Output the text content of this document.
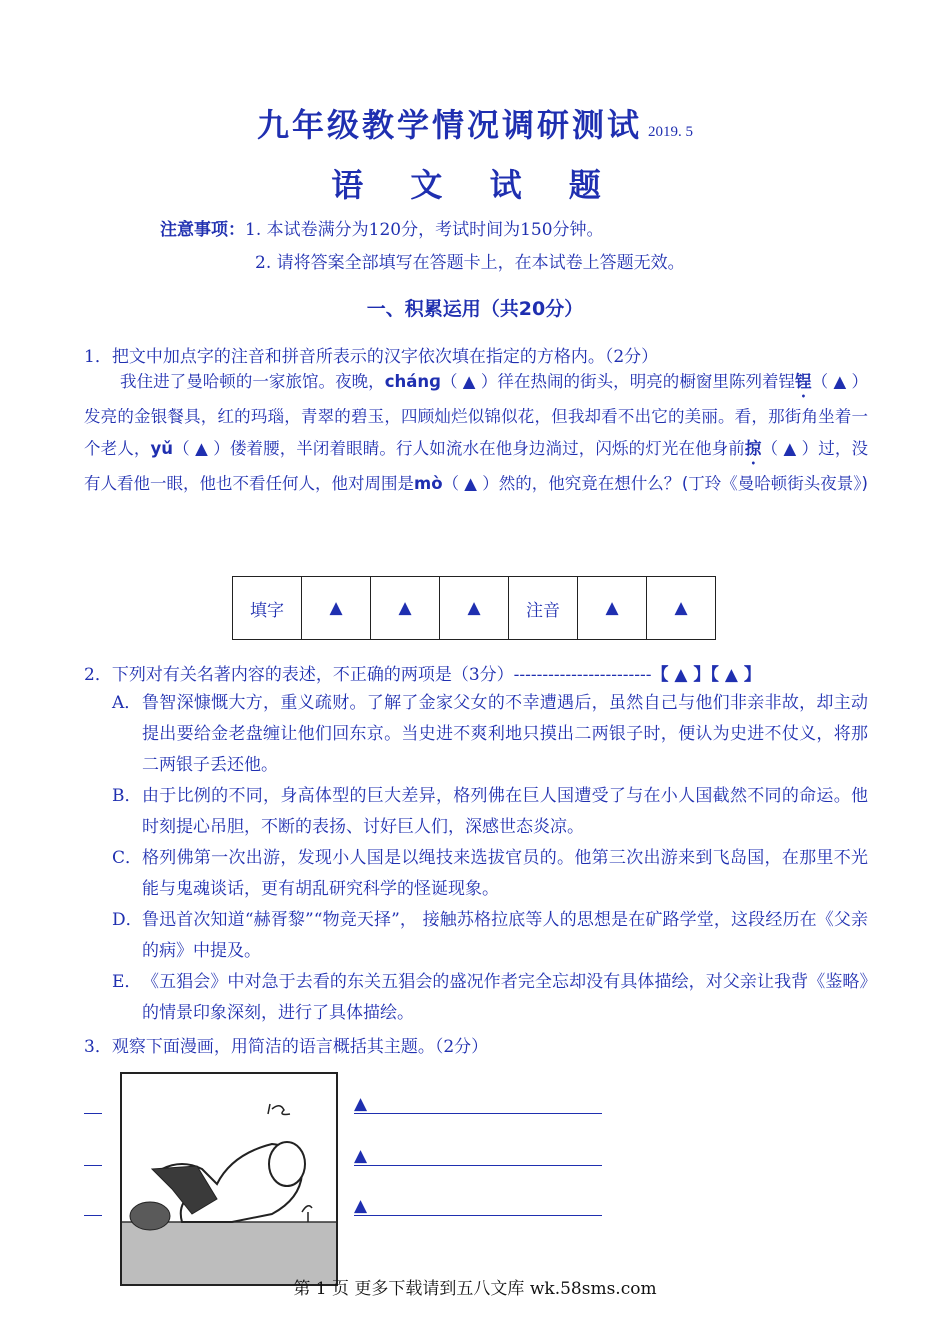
九年级教学情况调研测试 2019. 5
语 文 试 题
注意事项：1. 本试卷满分为120分，考试时间为150分钟。
2. 请将答案全部填写在答题卡上，在本试卷上答题无效。
一、积累运用（共20分）
1．把文中加点字的注音和拼音所表示的汉字依次填在指定的方格内。（2分）
我住进了曼哈顿的一家旅馆。夜晚，chánɡ（ ▲ ）徉在热闹的街头，明亮的橱窗里陈列着锃锃（ ▲ ）发亮的金银餐具，红的玛瑙，青翠的碧玉，四顾灿烂似锦似花，但我却看不出它的美丽。看，那街角坐着一个老人，yǔ（ ▲ ）偻着腰，半闭着眼睛。行人如流水在他身边淌过，闪烁的灯光在他身前掠（ ▲ ）过，没有人看他一眼，他也不看任何人，他对周围是mò（ ▲ ）然的，他究竟在想什么？ (丁玲《曼哈顿街头夜景》)
填字	▲	▲	▲	注音	▲	▲
2．下列对有关名著内容的表述，不正确的两项是（3分）------------------------【 ▲ 】【 ▲ 】
A． 鲁智深慷慨大方，重义疏财。了解了金家父女的不幸遭遇后，虽然自己与他们非亲非故，却主动提出要给金老盘缠让他们回东京。当史进不爽利地只摸出二两银子时，便认为史进不仗义，将那二两银子丢还他。
B． 由于比例的不同，身高体型的巨大差异，格列佛在巨人国遭受了与在小人国截然不同的命运。他时刻提心吊胆，不断的表扬、讨好巨人们，深感世态炎凉。
C． 格列佛第一次出游，发现小人国是以绳技来选拔官员的。他第三次出游来到飞岛国，在那里不光能与鬼魂谈话，更有胡乱研究科学的怪诞现象。
D． 鲁迅首次知道“赫胥黎”“物竞天择”， 接触苏格拉底等人的思想是在矿路学堂，这段经历在《父亲的病》中提及。
E． 《五猖会》中对急于去看的东关五猖会的盛况作者完全忘却没有具体描绘，对父亲让我背《鉴略》的情景印象深刻，进行了具体描绘。
3．观察下面漫画，用简洁的语言概括其主题。（2分）
▲
▲
▲
第 1 页 更多下载请到五八文库 wk.58sms.com
